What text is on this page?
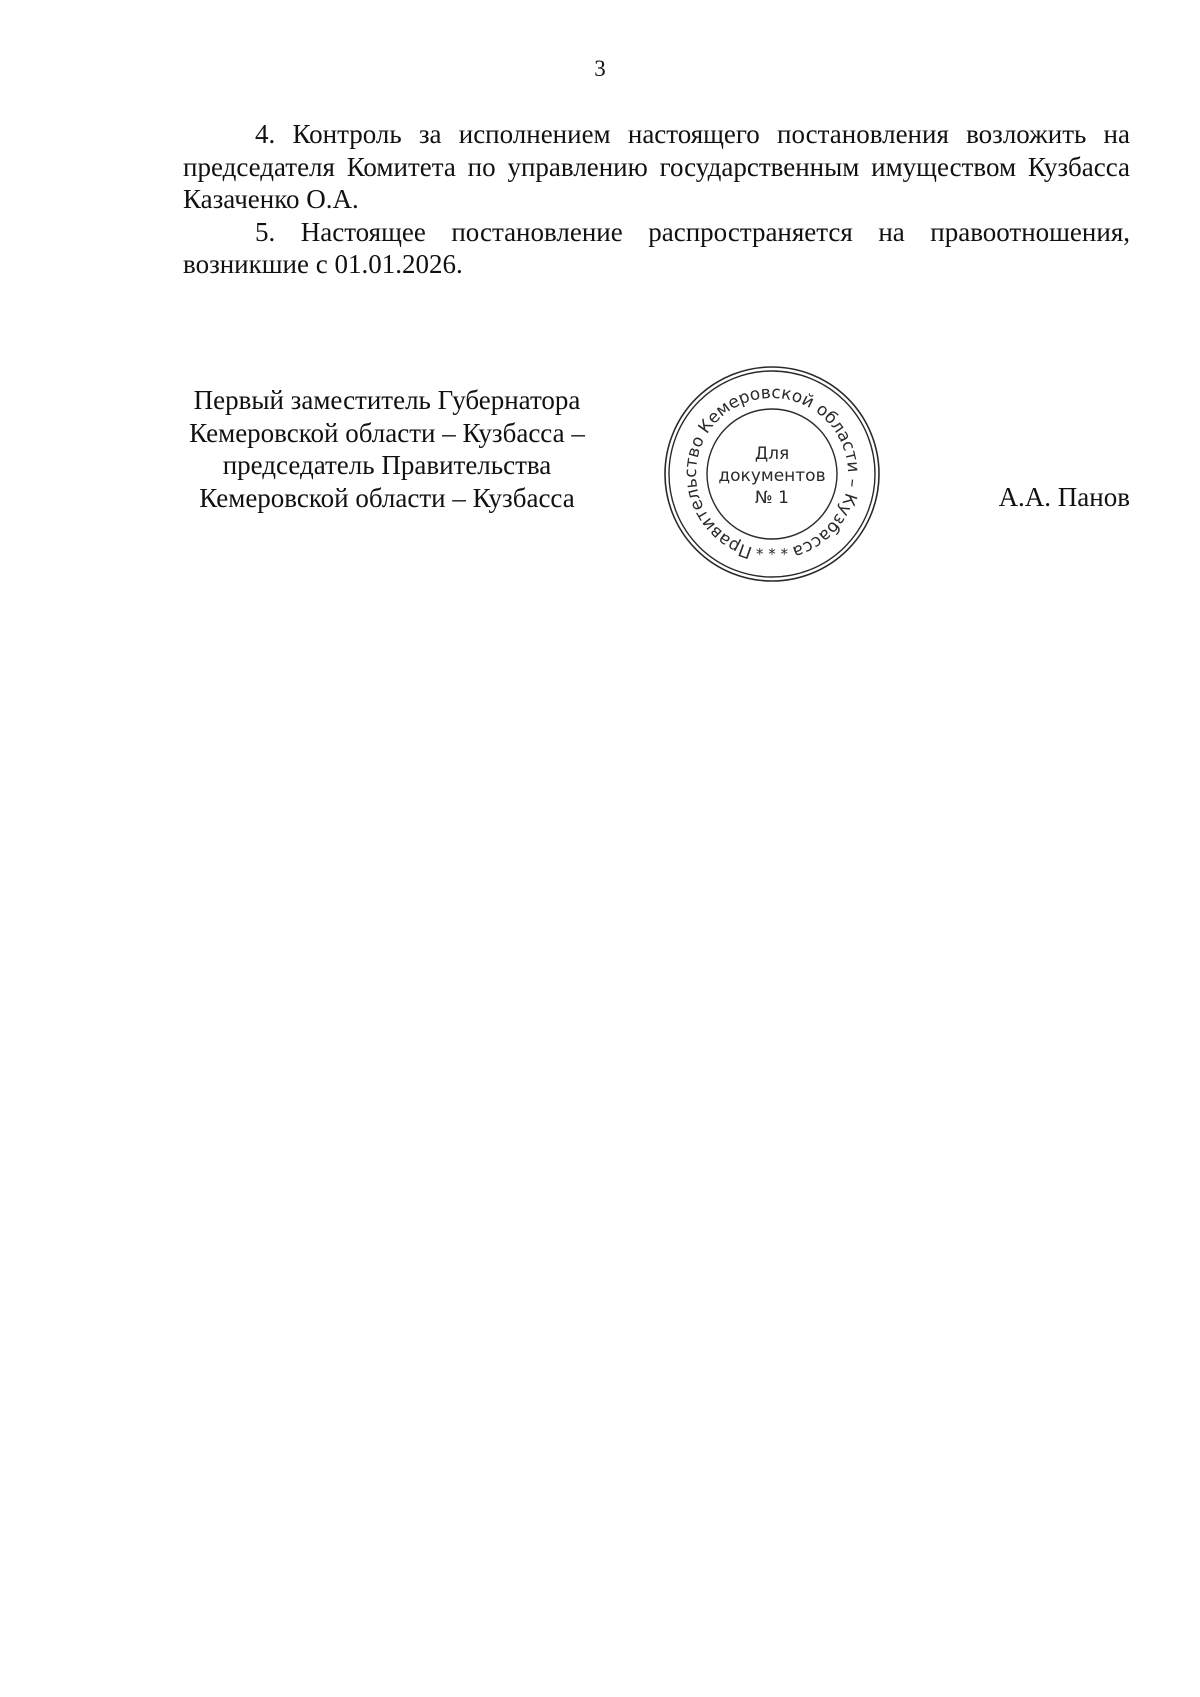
3

4. Контроль за исполнением настоящего постановления возложить на председателя Комитета по управлению государственным имуществом Кузбасса Казаченко О.А.

5. Настоящее постановление распространяется на правоотношения, возникшие с 01.01.2026.

Первый заместитель Губернатора
Кемеровской области – Кузбасса –
председатель Правительства
Кемеровской области – Кузбасса
Правительство Кемеровской области – Кузбасса
* * *
Для
документов
№ 1	А.А. Панов
